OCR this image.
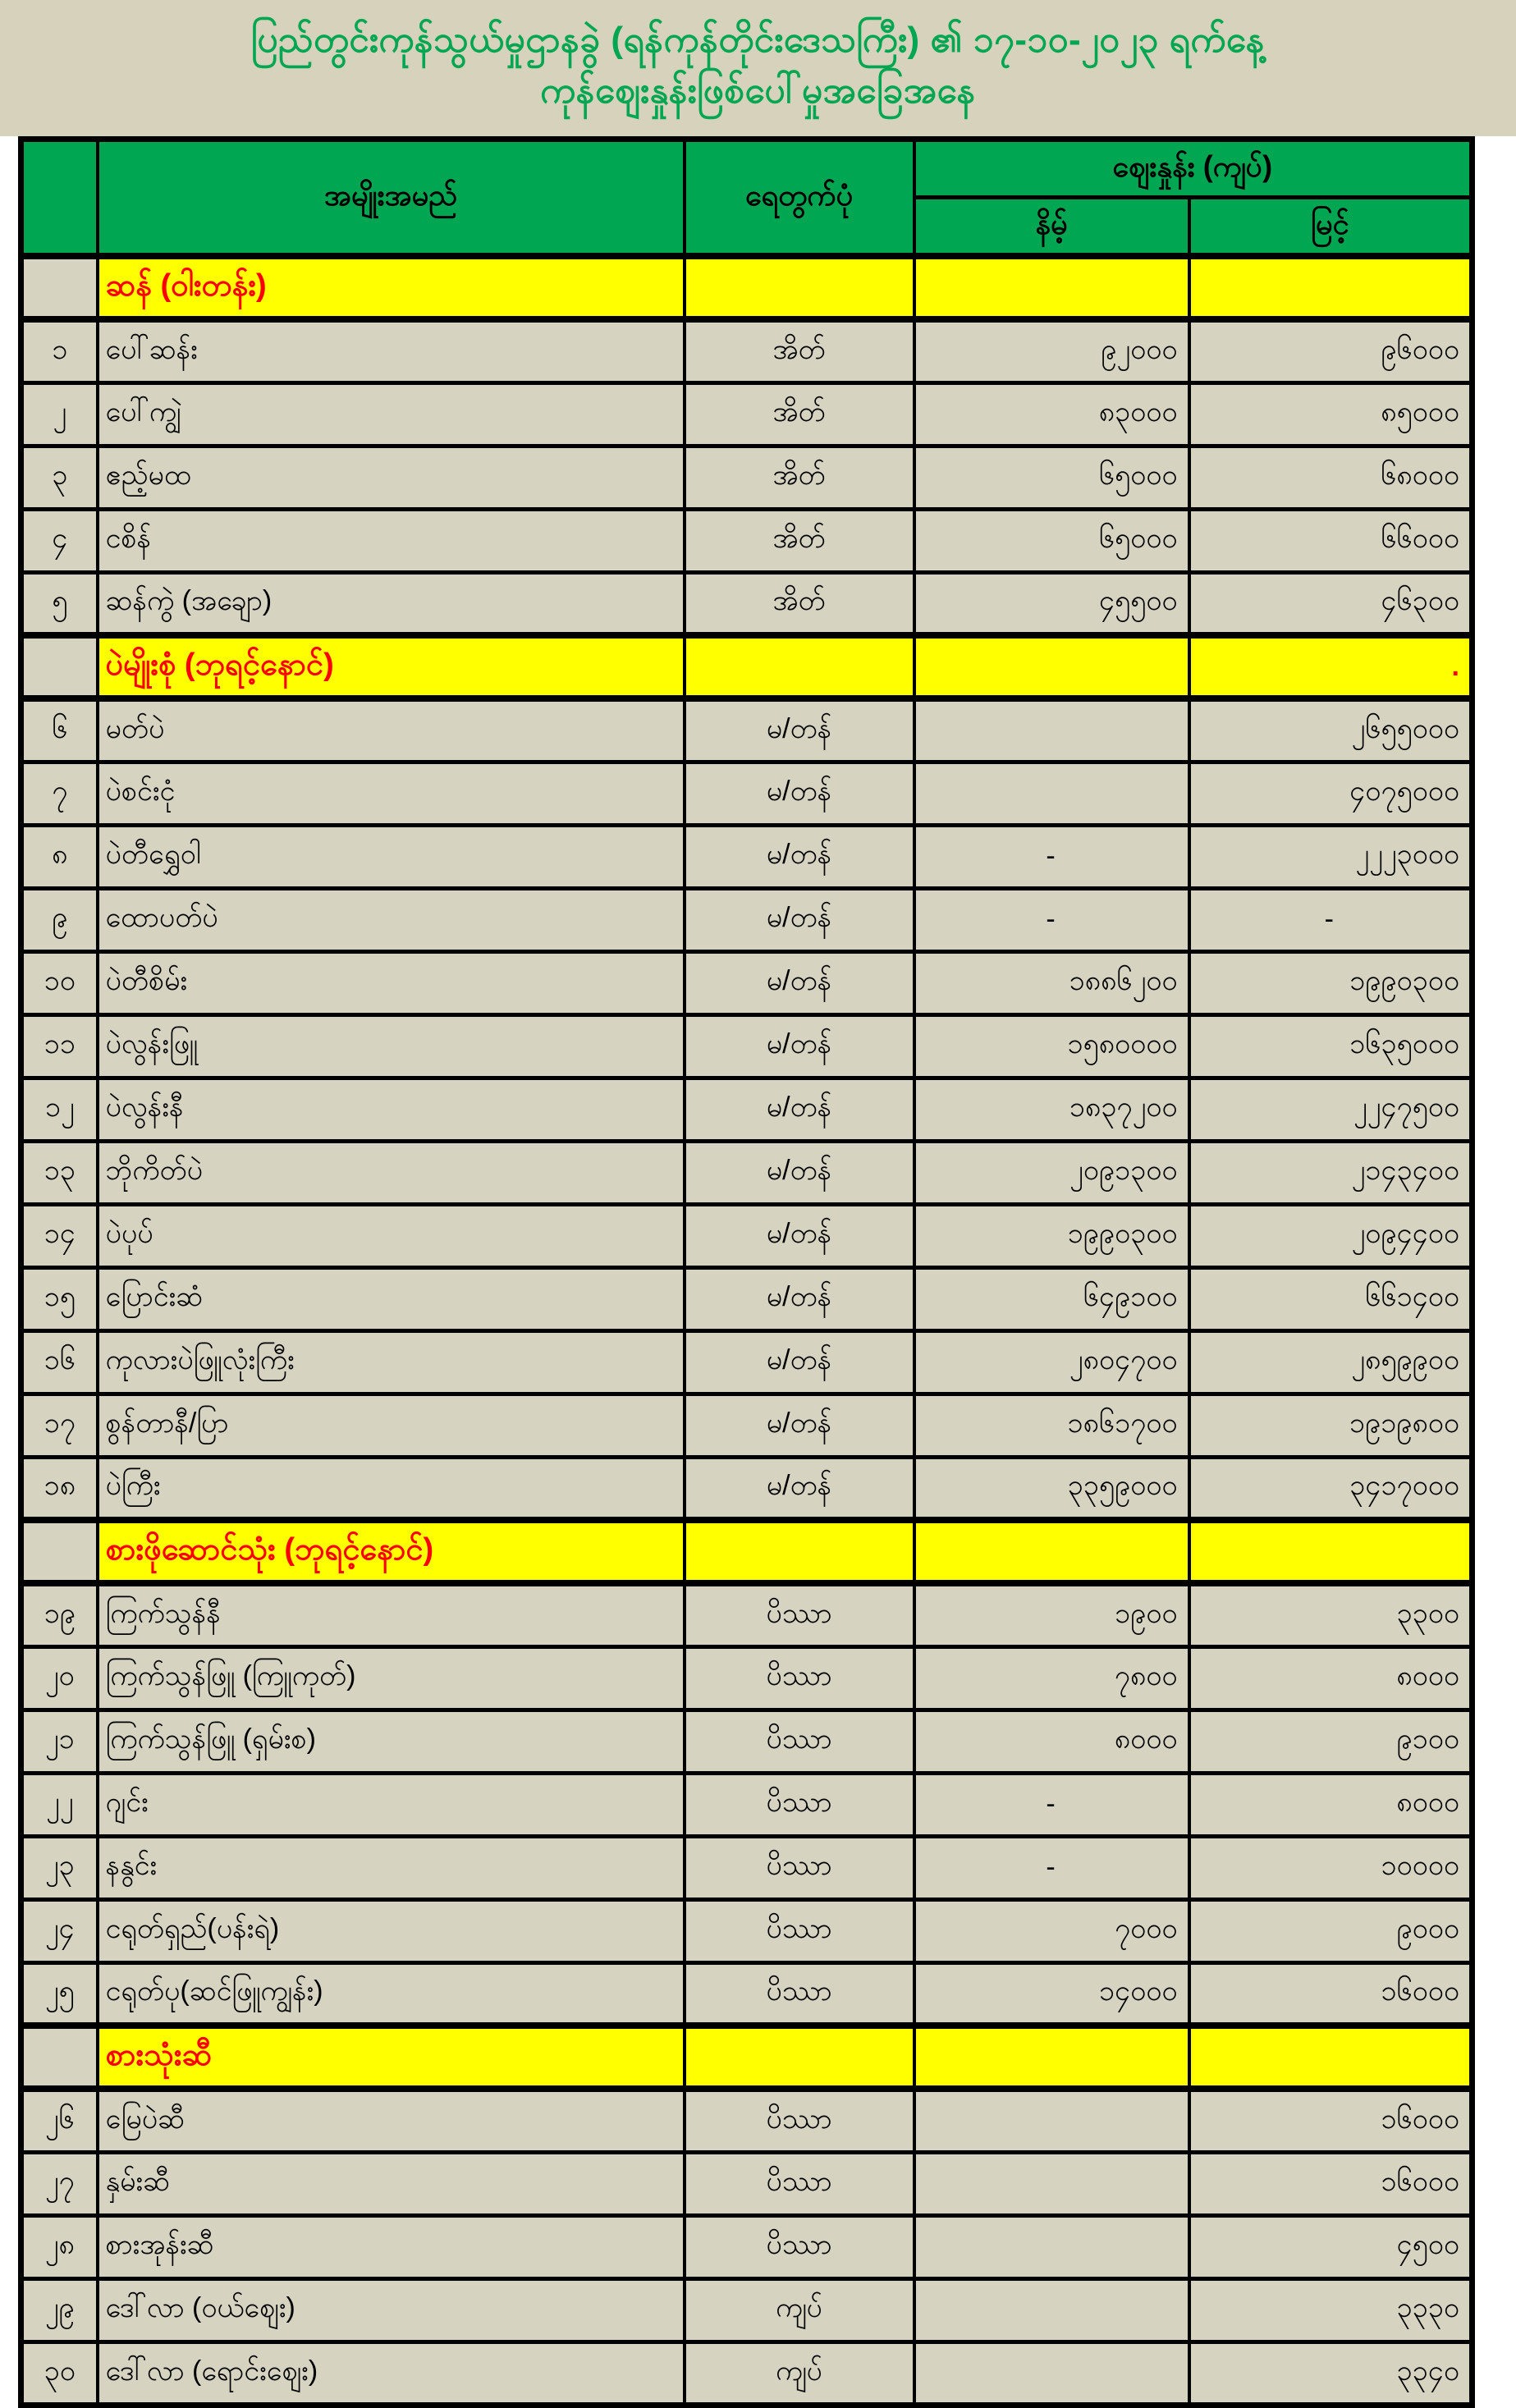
ပြည်တွင်းကုန်သွယ်မှုဌာနခွဲ (ရန်ကုန်တိုင်းဒေသကြီး) ၏ ၁၇-၁၀-၂၀၂၃ ရက်နေ့
ကုန်ဈေးနှုန်းဖြစ်ပေါ်မှုအခြေအနေ
	အမျိုးအမည်	ရေတွက်ပုံ	ဈေးနှုန်း (ကျပ်)	
			နိမ့်	မြင့်
	ဆန် (ဝါးတန်း)			
၁	ပေါ်ဆန်း	အိတ်	၉၂၀၀၀	၉၆၀၀၀
၂	ပေါ်ကျွဲ	အိတ်	၈၃၀၀၀	၈၅၀၀၀
၃	ဧည့်မထ	အိတ်	၆၅၀၀၀	၆၈၀၀၀
၄	ငစိန်	အိတ်	၆၅၀၀၀	၆၆၀၀၀
၅	ဆန်ကွဲ (အချော)	အိတ်	၄၅၅၀၀	၄၆၃၀၀
	ပဲမျိုးစုံ (ဘုရင့်နောင်)			.
၆	မတ်ပဲ	မ/တန်		၂၆၅၅၀၀၀
၇	ပဲစင်းငုံ	မ/တန်		၄၀၇၅၀၀၀
၈	ပဲတီရွှေဝါ	မ/တန်	-	၂၂၂၃၀၀၀
၉	ထောပတ်ပဲ	မ/တန်	-	-
၁၀	ပဲတီစိမ်း	မ/တန်	၁၈၈၆၂၀၀	၁၉၉၀၃၀၀
၁၁	ပဲလွန်းဖြူ	မ/တန်	၁၅၈၀၀၀၀	၁၆၃၅၀၀၀
၁၂	ပဲလွန်းနီ	မ/တန်	၁၈၃၇၂၀၀	၂၂၄၇၅၀၀
၁၃	ဘိုကိတ်ပဲ	မ/တန်	၂၀၉၁၃၀၀	၂၁၄၃၄၀၀
၁၄	ပဲပုပ်	မ/တန်	၁၉၉၀၃၀၀	၂၀၉၄၄၀၀
၁၅	ပြောင်းဆံ	မ/တန်	၆၄၉၁၀၀	၆၆၁၄၀၀
၁၆	ကုလားပဲဖြူလုံးကြီး	မ/တန်	၂၈၀၄၇၀၀	၂၈၅၉၉၀၀
၁၇	စွန်တာနီ/ပြာ	မ/တန်	၁၈၆၁၇၀၀	၁၉၁၉၈၀၀
၁၈	ပဲကြီး	မ/တန်	၃၃၅၉၀၀၀	၃၄၁၇၀၀၀
	စားဖိုဆောင်သုံး (ဘုရင့်နောင်)			
၁၉	ကြက်သွန်နီ	ပိဿာ	၁၉၀၀	၃၃၀၀
၂၀	ကြက်သွန်ဖြူ (ကြူကုတ်)	ပိဿာ	၇၈၀၀	၈၀၀၀
၂၁	ကြက်သွန်ဖြူ (ရှမ်းစ)	ပိဿာ	၈၀၀၀	၉၁၀၀
၂၂	ဂျင်း	ပိဿာ	-	၈၀၀၀
၂၃	နနွင်း	ပိဿာ	-	၁၀၀၀၀
၂၄	ငရုတ်ရှည်(ပန်းရဲ)	ပိဿာ	၇၀၀၀	၉၀၀၀
၂၅	ငရုတ်ပု(ဆင်ဖြူကျွန်း)	ပိဿာ	၁၄၀၀၀	၁၆၀၀၀
	စားသုံးဆီ			
၂၆	မြေပဲဆီ	ပိဿာ		၁၆၀၀၀
၂၇	နှမ်းဆီ	ပိဿာ		၁၆၀၀၀
၂၈	စားအုန်းဆီ	ပိဿာ		၄၅၀၀
၂၉	ဒေါ်လာ (ဝယ်ဈေး)	ကျပ်		၃၃၃၀
၃၀	ဒေါ်လာ (ရောင်းဈေး)	ကျပ်		၃၃၄၀
